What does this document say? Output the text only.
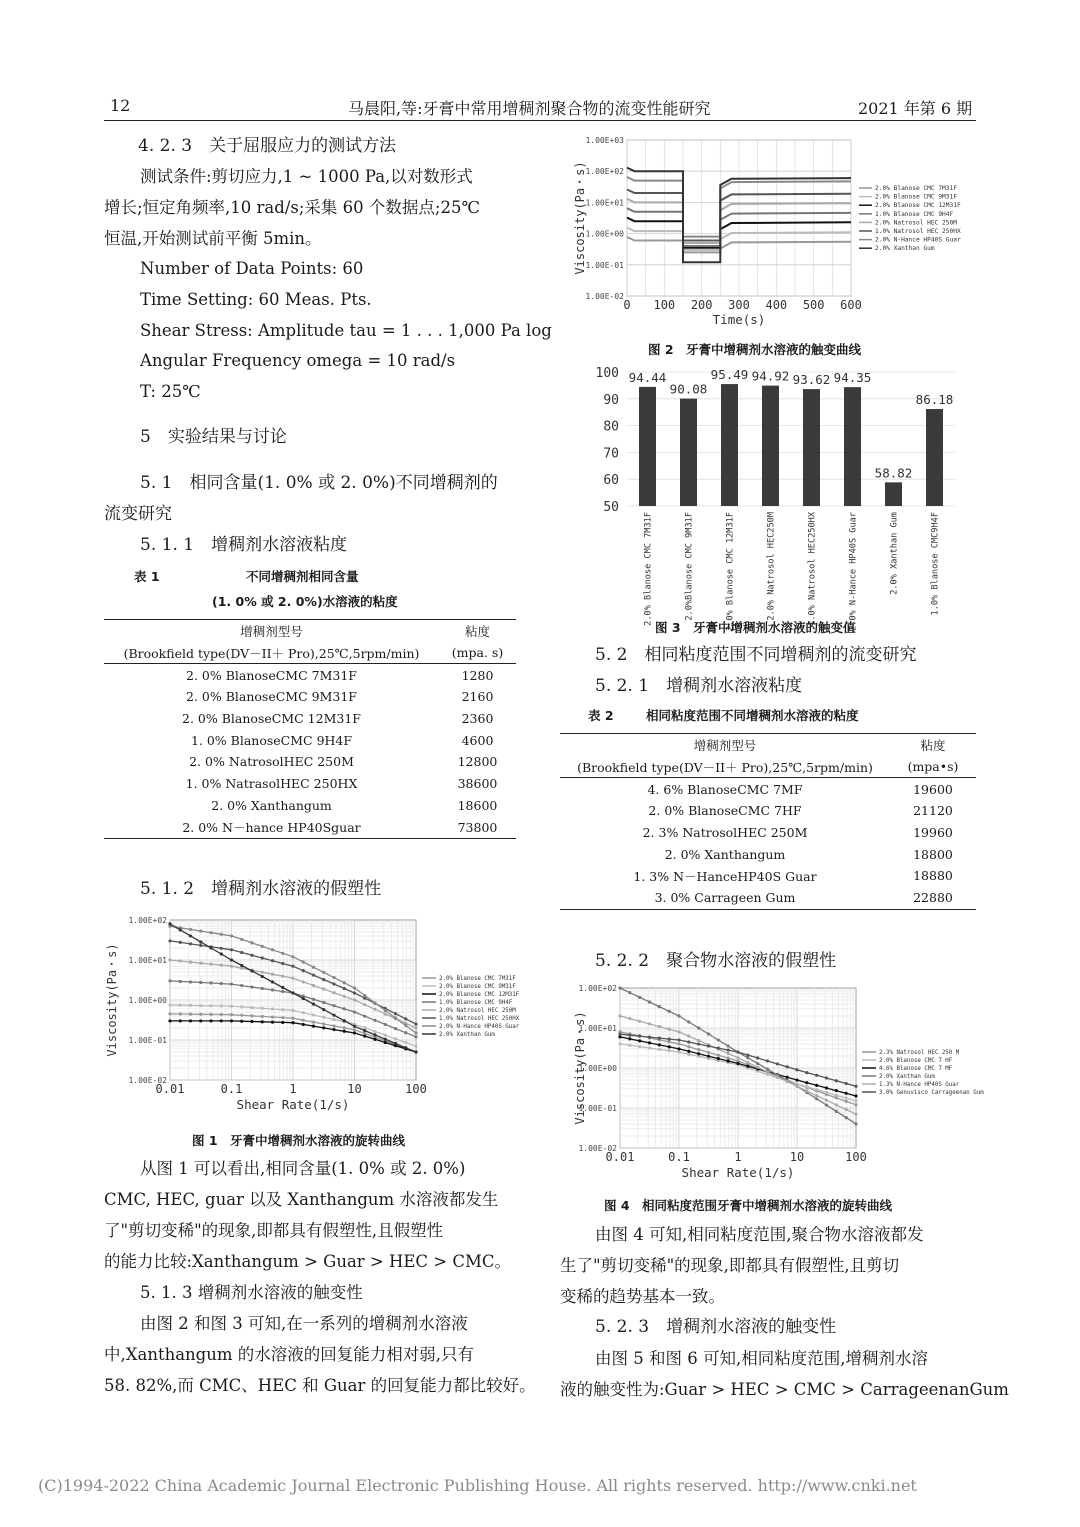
12	马晨阳,等:牙膏中常用增稠剂聚合物的流变性能研究	2021 年第 6 期
4. 2. 3　关于屈服应力的测试方法
测试条件:剪切应力,1 ~ 1000 Pa,以对数形式
增长;恒定角频率,10 rad/s;采集 60 个数据点;25℃
恒温,开始测试前平衡 5min。
Number of Data Points: 60
Time Setting: 60 Meas. Pts.
Shear Stress: Amplitude tau = 1 . . . 1,000 Pa log
Angular Frequency omega = 10 rad/s
T: 25℃
5　实验结果与讨论
5. 1　相同含量(1. 0% 或 2. 0%)不同增稠剂的
流变研究
5. 1. 1　增稠剂水溶液粘度
表 1	不同增稠剂相同含量
(1. 0% 或 2. 0%)水溶液的粘度
增稠剂型号	粘度
(Brookfield type(DV－II＋ Pro),25℃,5rpm/min)	(mpa. s)
2. 0% BlanoseCMC 7M31F	1280
2. 0% BlanoseCMC 9M31F	2160
2. 0% BlanoseCMC 12M31F	2360
1. 0% BlanoseCMC 9H4F	4600
2. 0% NatrosolHEC 250M	12800
1. 0% NatrasolHEC 250HX	38600
2. 0% Xanthangum	18600
2. 0% N－hance HP40Sguar	73800
5. 1. 2　增稠剂水溶液的假塑性
1.00E-02
1.00E-01
1.00E+00
1.00E+01
1.00E+02
0.01	0.1	1	10	100
Shear Rate(1/s)
Viscosity(Pa・s)	2.0% Blanose CMC 7M31F
2.0% Blanose CMC 9M31F
2.0% Blanose CMC 12M31F
1.0% Blanose CMC 9H4F
2.0% Natrosol HEC 250M
1.0% Natrosol HEC 250HX
2.0% N-Hance HP40S Guar
2.0% Xanthan Gum
图 1　牙膏中增稠剂水溶液的旋转曲线
从图 1 可以看出,相同含量(1. 0% 或 2. 0%)
CMC, HEC, guar 以及 Xanthangum 水溶液都发生
了"剪切变稀"的现象,即都具有假塑性,且假塑性
的能力比较:Xanthangum > Guar > HEC > CMC。
5. 1. 3 增稠剂水溶液的触变性
由图 2 和图 3 可知,在一系列的增稠剂水溶液
中,Xanthangum 的水溶液的回复能力相对弱,只有
58. 82%,而 CMC、HEC 和 Guar 的回复能力都比较好。
1.00E-02
1.00E-01
1.00E+00
1.00E+01
1.00E+02
1.00E+03
0 100 200 300 400 500 600
Time(s)
Viscosity(Pa・s)	2.0% Blanose CMC 7M31F
2.0% Blanose CMC 9M31F
2.0% Blanose CMC 12M31F
1.0% Blanose CMC 9H4F
2.0% Natrosol HEC 250M
1.0% Natrosol HEC 250HX
2.0% N-Hance HP40S Guar
2.0% Xanthan Gum
图 2　牙膏中增稠剂水溶液的触变曲线
50
60
70
80
90
100 94.44
2.0% Blanose CMC 7M31F
90.08
2.0%Blanose CMC 9M31F
95.49
2.0% Blanose CMC 12M31F
94.92
2.0% Natrosol HEC250M
93.62
1.0% Natrosol HEC250HX
94.35
2.0% N-Hance HP40S Guar
58.82
2.0% Xanthan Gum
86.18
1.0% Blanose CMC9H4F
图 3　牙膏中增稠剂水溶液的触变值
5. 2　相同粘度范围不同增稠剂的流变研究
5. 2. 1　增稠剂水溶液粘度
表 2	相同粘度范围不同增稠剂水溶液的粘度
增稠剂型号	粘度
(Brookfield type(DV－II＋ Pro),25℃,5rpm/min)	(mpa•s)
4. 6% BlanoseCMC 7MF	19600
2. 0% BlanoseCMC 7HF	21120
2. 3% NatrosolHEC 250M	19960
2. 0% Xanthangum	18800
1. 3% N－HanceHP40S Guar	18880
3. 0% Carrageen Gum	22880
5. 2. 2　聚合物水溶液的假塑性
1.00E-02
1.00E-01
1.00E+00
1.00E+01
1.00E+02
0.01	0.1	1	10	100
Shear Rate(1/s)
Viscosity(Pa・s)	2.3% Natrosol HEC 250 M
2.0% Blanose CMC 7 HF
4.6% Blanose CMC 7 MF
2.0% Xanthan Gum
1.3% N-Hance HP40S Guar
3.0% Genuvisco Carrageenan Gum
图 4　相同粘度范围牙膏中增稠剂水溶液的旋转曲线
由图 4 可知,相同粘度范围,聚合物水溶液都发
生了"剪切变稀"的现象,即都具有假塑性,且剪切
变稀的趋势基本一致。
5. 2. 3　增稠剂水溶液的触变性
由图 5 和图 6 可知,相同粘度范围,增稠剂水溶
液的触变性为:Guar > HEC > CMC > CarrageenanGum
(C)1994-2022 China Academic Journal Electronic Publishing House. All rights reserved. http://www.cnki.net
